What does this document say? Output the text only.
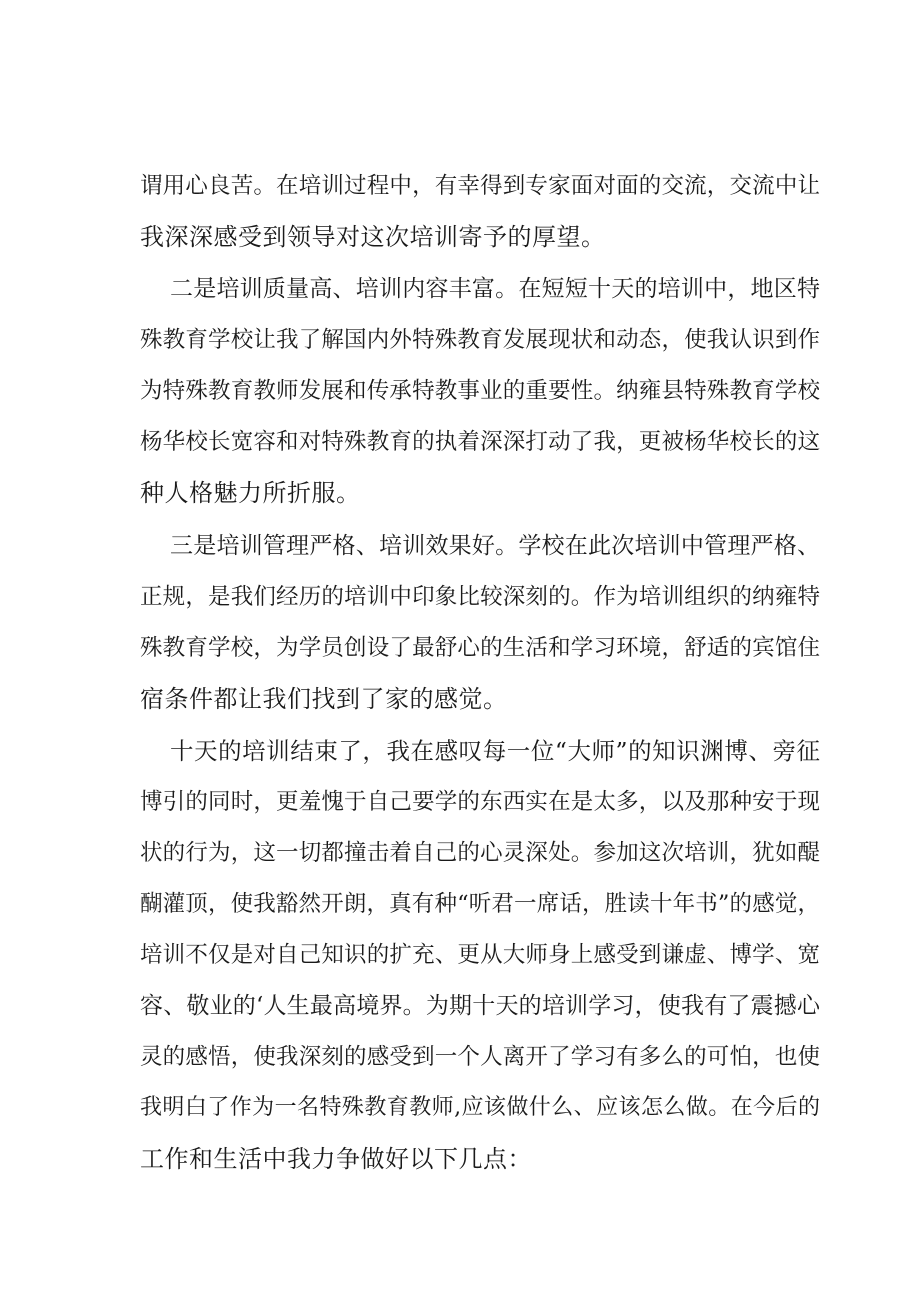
谓用心良苦。在培训过程中，有幸得到专家面对面的交流，交流中让
我深深感受到领导对这次培训寄予的厚望。
二是培训质量高、培训内容丰富。在短短十天的培训中，地区特
殊教育学校让我了解国内外特殊教育发展现状和动态，使我认识到作
为特殊教育教师发展和传承特教事业的重要性。纳雍县特殊教育学校
杨华校长宽容和对特殊教育的执着深深打动了我，更被杨华校长的这
种人格魅力所折服。
三是培训管理严格、培训效果好。学校在此次培训中管理严格、
正规，是我们经历的培训中印象比较深刻的。作为培训组织的纳雍特
殊教育学校，为学员创设了最舒心的生活和学习环境，舒适的宾馆住
宿条件都让我们找到了家的感觉。
十天的培训结束了，我在感叹每一位“大师”的知识渊博、旁征
博引的同时，更羞愧于自己要学的东西实在是太多，以及那种安于现
状的行为，这一切都撞击着自己的心灵深处。参加这次培训，犹如醍
醐灌顶，使我豁然开朗，真有种“听君一席话，胜读十年书”的感觉，
培训不仅是对自己知识的扩充、更从大师身上感受到谦虚、博学、宽
容、敬业的‘人生最高境界。为期十天的培训学习，使我有了震撼心
灵的感悟，使我深刻的感受到一个人离开了学习有多么的可怕，也使
我明白了作为一名特殊教育教师,应该做什么、应该怎么做。在今后的
工作和生活中我力争做好以下几点：
